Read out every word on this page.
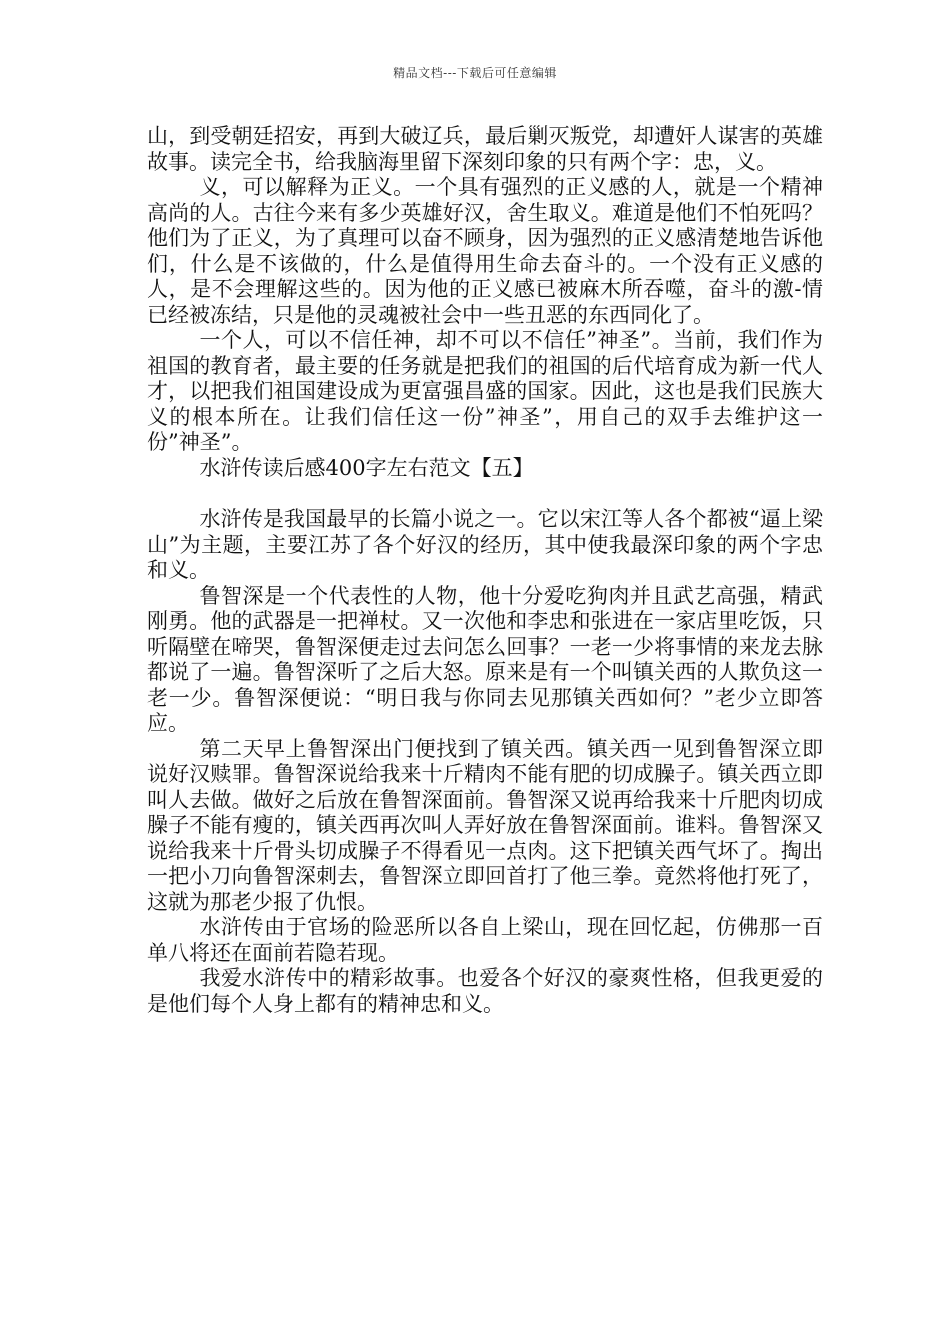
精品文档---下载后可任意编辑

山，到受朝廷招安，再到大破辽兵，最后剿灭叛党，却遭奸人谋害的英雄故事。读完全书，给我脑海里留下深刻印象的只有两个字：忠，义。

义，可以解释为正义。一个具有强烈的正义感的人，就是一个精神高尚的人。古往今来有多少英雄好汉，舍生取义。难道是他们不怕死吗？他们为了正义，为了真理可以奋不顾身，因为强烈的正义感清楚地告诉他们，什么是不该做的，什么是值得用生命去奋斗的。一个没有正义感的人，是不会理解这些的。因为他的正义感已被麻木所吞噬，奋斗的激-情已经被冻结，只是他的灵魂被社会中一些丑恶的东西同化了。

一个人，可以不信任神，却不可以不信任”神圣”。当前，我们作为祖国的教育者，最主要的任务就是把我们的祖国的后代培育成为新一代人才，以把我们祖国建设成为更富强昌盛的国家。因此，这也是我们民族大义的根本所在。让我们信任这一份”神圣”，用自己的双手去维护这一份”神圣”。

水浒传读后感400字左右范文【五】

水浒传是我国最早的长篇小说之一。它以宋江等人各个都被“逼上梁山”为主题，主要江苏了各个好汉的经历，其中使我最深印象的两个字忠和义。

鲁智深是一个代表性的人物，他十分爱吃狗肉并且武艺高强，精武刚勇。他的武器是一把禅杖。又一次他和李忠和张进在一家店里吃饭，只听隔壁在啼哭，鲁智深便走过去问怎么回事？一老一少将事情的来龙去脉都说了一遍。鲁智深听了之后大怒。原来是有一个叫镇关西的人欺负这一老一少。鲁智深便说：“明日我与你同去见那镇关西如何？”老少立即答应。

第二天早上鲁智深出门便找到了镇关西。镇关西一见到鲁智深立即说好汉赎罪。鲁智深说给我来十斤精肉不能有肥的切成臊子。镇关西立即叫人去做。做好之后放在鲁智深面前。鲁智深又说再给我来十斤肥肉切成臊子不能有瘦的，镇关西再次叫人弄好放在鲁智深面前。谁料。鲁智深又说给我来十斤骨头切成臊子不得看见一点肉。这下把镇关西气坏了。掏出一把小刀向鲁智深刺去，鲁智深立即回首打了他三拳。竟然将他打死了，这就为那老少报了仇恨。

水浒传由于官场的险恶所以各自上梁山，现在回忆起，仿佛那一百单八将还在面前若隐若现。

我爱水浒传中的精彩故事。也爱各个好汉的豪爽性格，但我更爱的是他们每个人身上都有的精神忠和义。
